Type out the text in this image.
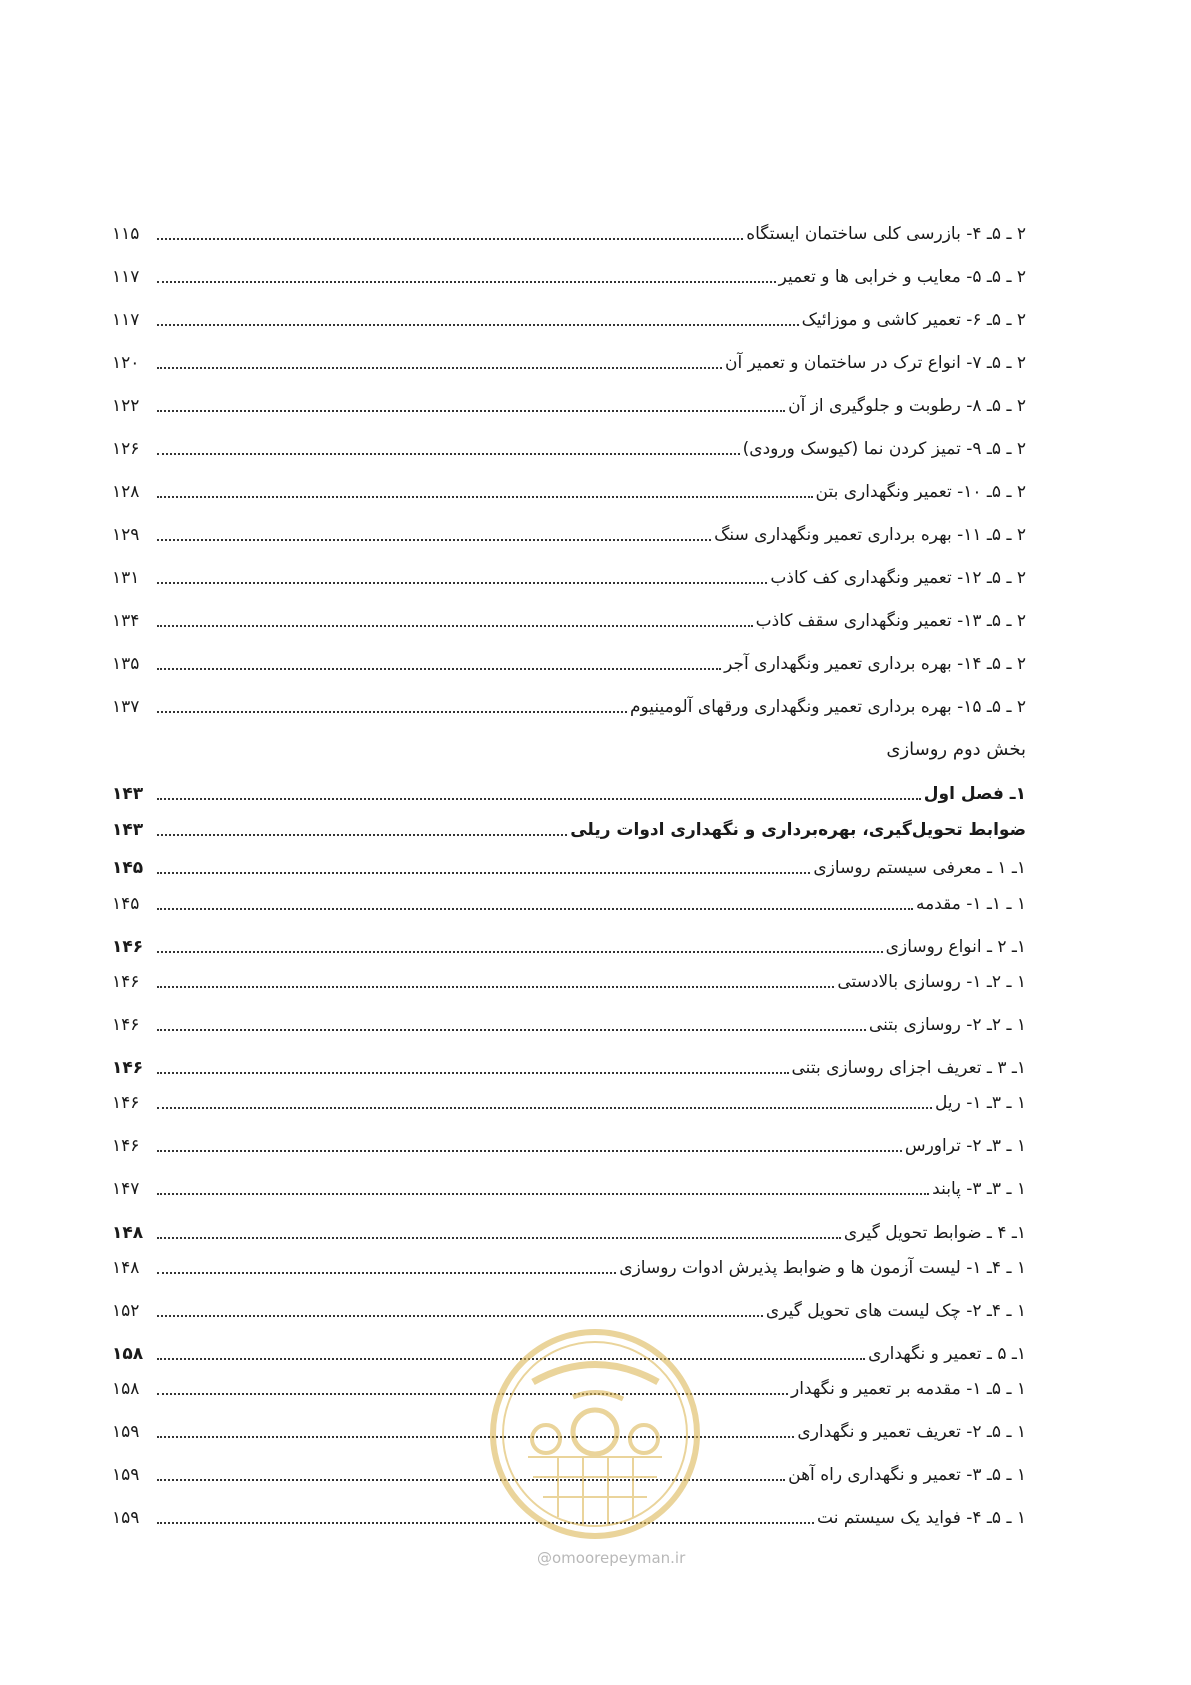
۲ ـ ۵ـ ۴- بازرسی کلی ساختمان ایستگاه
۱۱۵
۲ ـ ۵ـ ۵- معایب و خرابی ها و تعمیر
۱۱۷
۲ ـ ۵ـ ۶- تعمیر کاشی و موزائیک
۱۱۷
۲ ـ ۵ـ ۷- انواع ترک در ساختمان و تعمیر آن
۱۲۰
۲ ـ ۵ـ ۸- رطوبت و جلوگیری از آن
۱۲۲
۲ ـ ۵ـ ۹- تمیز کردن نما (کیوسک ورودی)
۱۲۶
۲ ـ ۵ـ ۱۰- تعمیر ونگهداری بتن
۱۲۸
۲ ـ ۵ـ ۱۱- بهره برداری تعمیر ونگهداری سنگ
۱۲۹
۲ ـ ۵ـ ۱۲- تعمیر ونگهداری کف کاذب
۱۳۱
۲ ـ ۵ـ ۱۳- تعمیر ونگهداری سقف کاذب
۱۳۴
۲ ـ ۵ـ ۱۴- بهره برداری تعمیر ونگهداری آجر
۱۳۵
۲ ـ ۵ـ ۱۵- بهره برداری تعمیر ونگهداری ورقهای آلومینیوم
۱۳۷
بخش دوم روسازی
۱ـ فصل اول
۱۴۳
ضوابط تحویل‌گیری، بهره‌برداری و نگهداری ادوات ریلی
۱۴۳
۱ـ ۱ ـ معرفی سیستم روسازی
۱۴۵
۱ ـ ۱ـ ۱- مقدمه
۱۴۵
۱ـ ۲ ـ انواع روسازی
۱۴۶
۱ ـ ۲ـ ۱- روسازی بالادستی
۱۴۶
۱ ـ ۲ـ ۲- روسازی بتنی
۱۴۶
۱ـ ۳ ـ تعریف اجزای روسازی بتنی
۱۴۶
۱ ـ ۳ـ ۱- ریل
۱۴۶
۱ ـ ۳ـ ۲- تراورس
۱۴۶
۱ ـ ۳ـ ۳- پابند
۱۴۷
۱ـ ۴ ـ ضوابط تحویل گیری
۱۴۸
۱ ـ ۴ـ ۱- لیست آزمون ها و ضوابط پذیرش ادوات روسازی
۱۴۸
۱ ـ ۴ـ ۲- چک لیست های تحویل گیری
۱۵۲
۱ـ ۵ ـ تعمیر و نگهداری
۱۵۸
۱ ـ ۵ـ ۱- مقدمه بر تعمیر و نگهدار
۱۵۸
۱ ـ ۵ـ ۲- تعریف تعمیر و نگهداری
۱۵۹
۱ ـ ۵ـ ۳- تعمیر و نگهداری راه آهن
۱۵۹
۱ ـ ۵ـ ۴- فواید یک سیستم نت
۱۵۹
@omoorepeyman.ir
